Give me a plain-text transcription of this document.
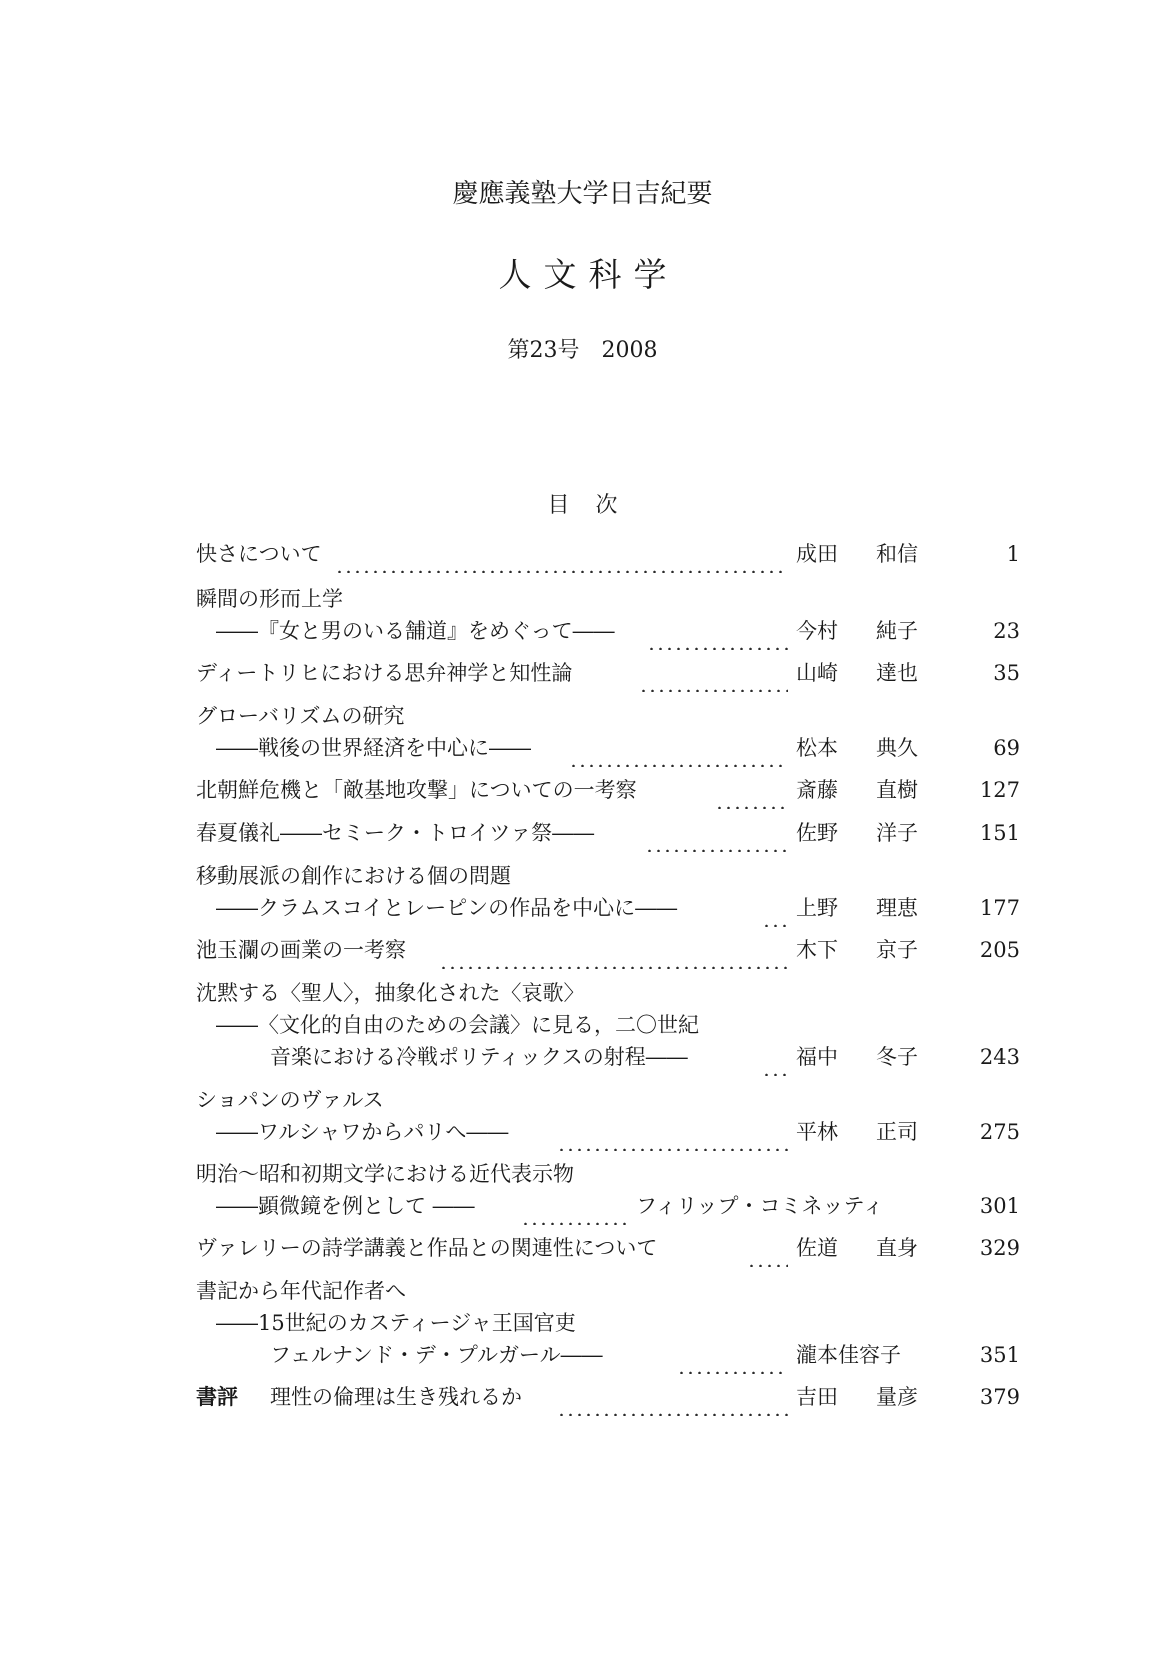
慶應義塾大学日吉紀要
人文科学
第23号　2008
目次
快さについて	成田 和信	1
瞬間の形而上学
――『女と男のいる舗道』をめぐって――	今村 純子	23
ディートリヒにおける思弁神学と知性論	山崎 達也	35
グローバリズムの研究
――戦後の世界経済を中心に――	松本 典久	69
北朝鮮危機と「敵基地攻撃」についての一考察	斎藤 直樹	127
春夏儀礼――セミーク・トロイツァ祭――	佐野 洋子	151
移動展派の創作における個の問題
――クラムスコイとレーピンの作品を中心に――	上野 理恵	177
池玉瀾の画業の一考察	木下 京子	205
沈黙する〈聖人〉，抽象化された〈哀歌〉
――〈文化的自由のための会議〉に見る，二〇世紀
音楽における冷戦ポリティックスの射程――	福中 冬子	243
ショパンのヴァルス
――ワルシャワからパリへ――	平林 正司	275
明治～昭和初期文学における近代表示物
――顕微鏡を例として ――	フィリップ・コミネッティ	301
ヴァレリーの詩学講義と作品との関連性について	佐道 直身	329
書記から年代記作者へ
――15世紀のカスティージャ王国官吏
フェルナンド・デ・プルガール――	瀧本佳容子	351
書評 理性の倫理は生き残れるか	吉田 量彦	379
